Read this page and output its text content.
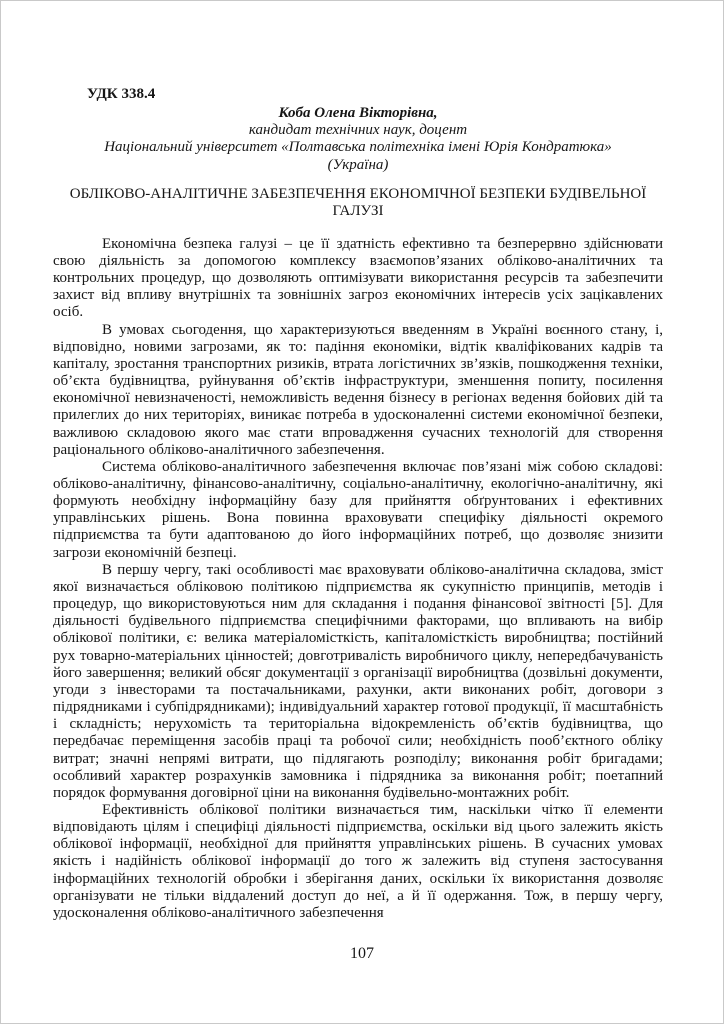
УДК 338.4
Коба Олена Вікторівна,
кандидат технічних наук, доцент
Національний університет «Полтавська політехніка імені Юрія Кондратюка»
(Україна)
ОБЛІКОВО-АНАЛІТИЧНЕ ЗАБЕЗПЕЧЕННЯ ЕКОНОМІЧНОЇ БЕЗПЕКИ БУДІВЕЛЬНОЇ ГАЛУЗІ

Економічна безпека галузі – це її здатність ефективно та безперервно здійснювати свою діяльність за допомогою комплексу взаємопов’язаних обліково-аналітичних та контрольних процедур, що дозволяють оптимізувати використання ресурсів та забезпечити захист від впливу внутрішніх та зовнішніх загроз економічних інтересів усіх зацікавлених осіб.

В умовах сьогодення, що характеризуються введенням в Україні воєнного стану, і, відповідно, новими загрозами, як то: падіння економіки, відтік кваліфікованих кадрів та капіталу, зростання транспортних ризиків, втрата логістичних зв’язків, пошкодження техніки, об’єкта будівництва, руйнування об’єктів інфраструктури, зменшення попиту, посилення економічної невизначеності, неможливість ведення бізнесу в регіонах ведення бойових дій та прилеглих до них територіях, виникає потреба в удосконаленні системи економічної безпеки, важливою складовою якого має стати впровадження сучасних технологій для створення раціонального обліково-аналітичного забезпечення.

Система обліково-аналітичного забезпечення включає пов’язані між собою складові: обліково-аналітичну, фінансово-аналітичну, соціально-аналітичну, екологічно-аналітичну, які формують необхідну інформаційну базу для прийняття обґрунтованих і ефективних управлінських рішень. Вона повинна враховувати специфіку діяльності окремого підприємства та бути адаптованою до його інформаційних потреб, що дозволяє знизити загрози економічній безпеці.

В першу чергу, такі особливості має враховувати обліково-аналітична складова, зміст якої визначається обліковою політикою підприємства як сукупністю принципів, методів і процедур, що використовуються ним для складання і подання фінансової звітності [5]. Для діяльності будівельного підприємства специфічними факторами, що впливають на вибір облікової політики, є: велика матеріаломісткість, капіталомісткість виробництва; постійний рух товарно-матеріальних цінностей; довготривалість виробничого циклу, непередбачуваність його завершення; великий обсяг документації з організації виробництва (дозвільні документи, угоди з інвесторами та постачальниками, рахунки, акти виконаних робіт, договори з підрядниками і субпідрядниками); індивідуальний характер готової продукції, її масштабність і складність; нерухомість та територіальна відокремленість об’єктів будівництва, що передбачає переміщення засобів праці та робочої сили; необхідність пооб’єктного обліку витрат; значні непрямі витрати, що підлягають розподілу; виконання робіт бригадами; особливий характер розрахунків замовника і підрядника за виконання робіт; поетапний порядок формування договірної ціни на виконання будівельно-монтажних робіт.

Ефективність облікової політики визначається тим, наскільки чітко її елементи відповідають цілям і специфіці діяльності підприємства, оскільки від цього залежить якість облікової інформації, необхідної для прийняття управлінських рішень. В сучасних умовах якість і надійність облікової інформації до того ж залежить від ступеня застосування інформаційних технологій обробки і зберігання даних, оскільки їх використання дозволяє організувати не тільки віддалений доступ до неї, а й її одержання. Тож, в першу чергу, удосконалення обліково-аналітичного забезпечення

107
